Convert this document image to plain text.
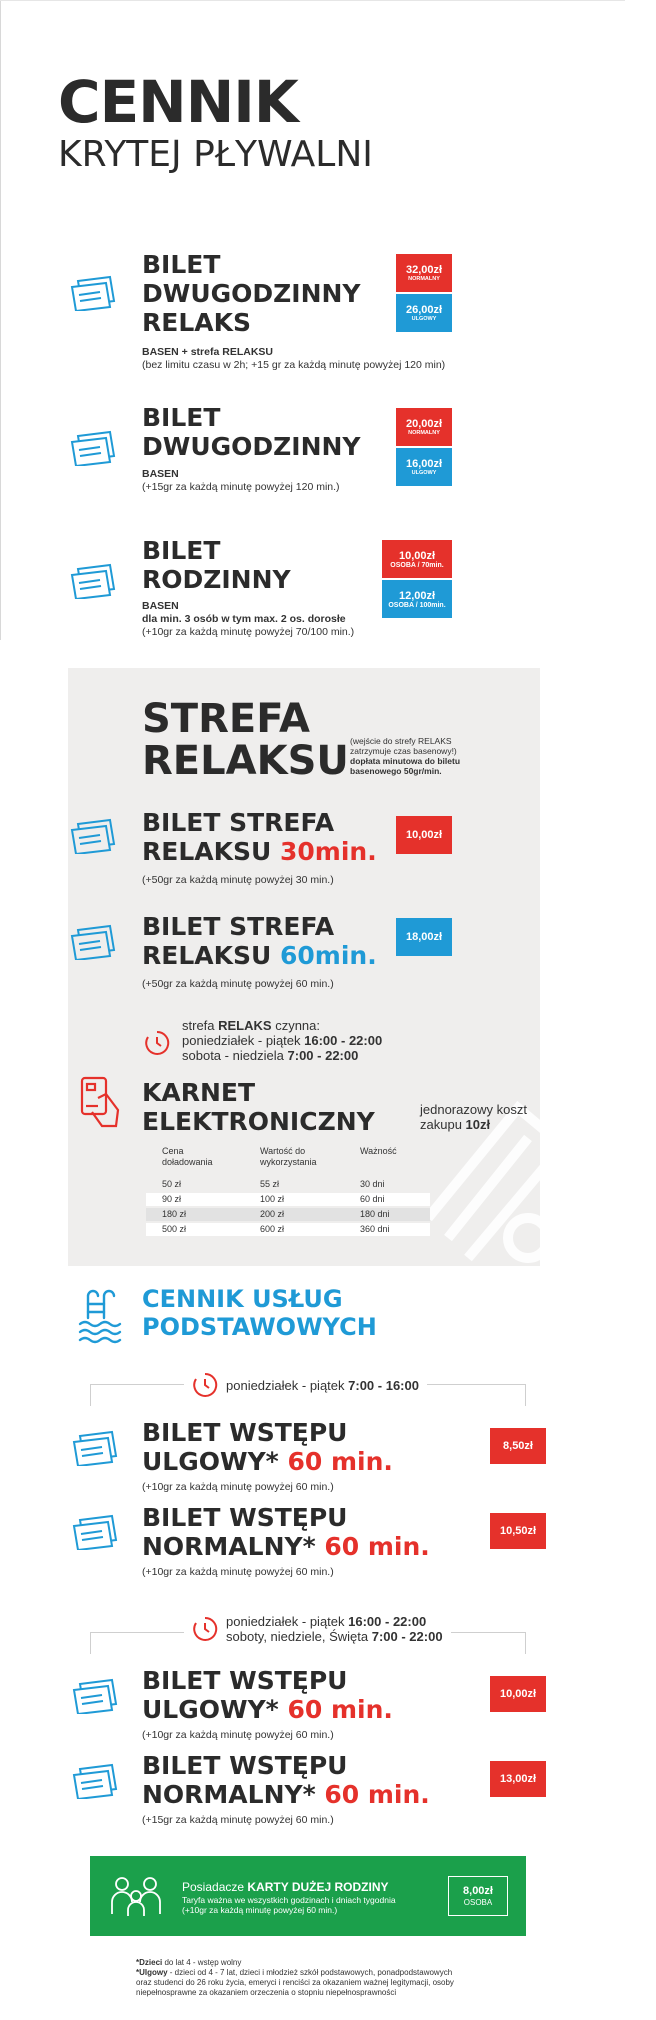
CENNIK
KRYTEJ PŁYWALNI
BILET
DWUGODZINNY
RELAKS
BASEN + strefa RELAKSU
(bez limitu czasu w 2h; +15 gr za każdą minutę powyżej 120 min)
32,00zł
NORMALNY
26,00zł
ULGOWY
BILET
DWUGODZINNY
BASEN
(+15gr za każdą minutę powyżej 120 min.)
20,00zł
NORMALNY
16,00zł
ULGOWY
BILET
RODZINNY
BASEN
dla min. 3 osób w tym max. 2 os. dorosłe
(+10gr za każdą minutę powyżej 70/100 min.)
10,00zł
OSOBA / 70min.
12,00zł
OSOBA / 100min.
STREFA
RELAKSU (wejście do strefy RELAKS
zatrzymuje czas basenowy!)
dopłata minutowa do biletu
basenowego 50gr/min.
BILET STREFA
RELAKSU 30min.
(+50gr za każdą minutę powyżej 30 min.)
10,00zł
BILET STREFA
RELAKSU 60min.
(+50gr za każdą minutę powyżej 60 min.)
18,00zł
strefa RELAKS czynna:
poniedziałek - piątek 16:00 - 22:00
sobota - niedziela 7:00 - 22:00
KARNET
ELEKTRONICZNY	jednorazowy koszt
zakupu 10zł
Cena
doładowania
Wartość do
wykorzystania
Ważność
50 zł	55 zł	30 dni
90 zł	100 zł	60 dni
180 zł	200 zł	180 dni
500 zł	600 zł	360 dni
CENNIK USŁUG
PODSTAWOWYCH
poniedziałek - piątek 7:00 - 16:00
BILET WSTĘPU
ULGOWY* 60 min.
(+10gr za każdą minutę powyżej 60 min.)
8,50zł
BILET WSTĘPU
NORMALNY* 60 min.
(+10gr za każdą minutę powyżej 60 min.)
10,50zł
poniedziałek - piątek 16:00 - 22:00
soboty, niedziele, Święta 7:00 - 22:00
BILET WSTĘPU
ULGOWY* 60 min.
(+10gr za każdą minutę powyżej 60 min.)
10,00zł
BILET WSTĘPU
NORMALNY* 60 min.
(+15gr za każdą minutę powyżej 60 min.)
13,00zł
Posiadacze KARTY DUŻEJ RODZINY
Taryfa ważna we wszystkich godzinach i dniach tygodnia
(+10gr za każdą minutę powyżej 60 min.)
8,00zł
OSOBA
*Dzieci do lat 4 - wstęp wolny
*Ulgowy - dzieci od 4 - 7 lat, dzieci i młodzież szkół podstawowych, ponadpodstawowych
oraz studenci do 26 roku życia, emeryci i renciści za okazaniem ważnej legitymacji, osoby
niepełnosprawne za okazaniem orzeczenia o stopniu niepełnosprawności
